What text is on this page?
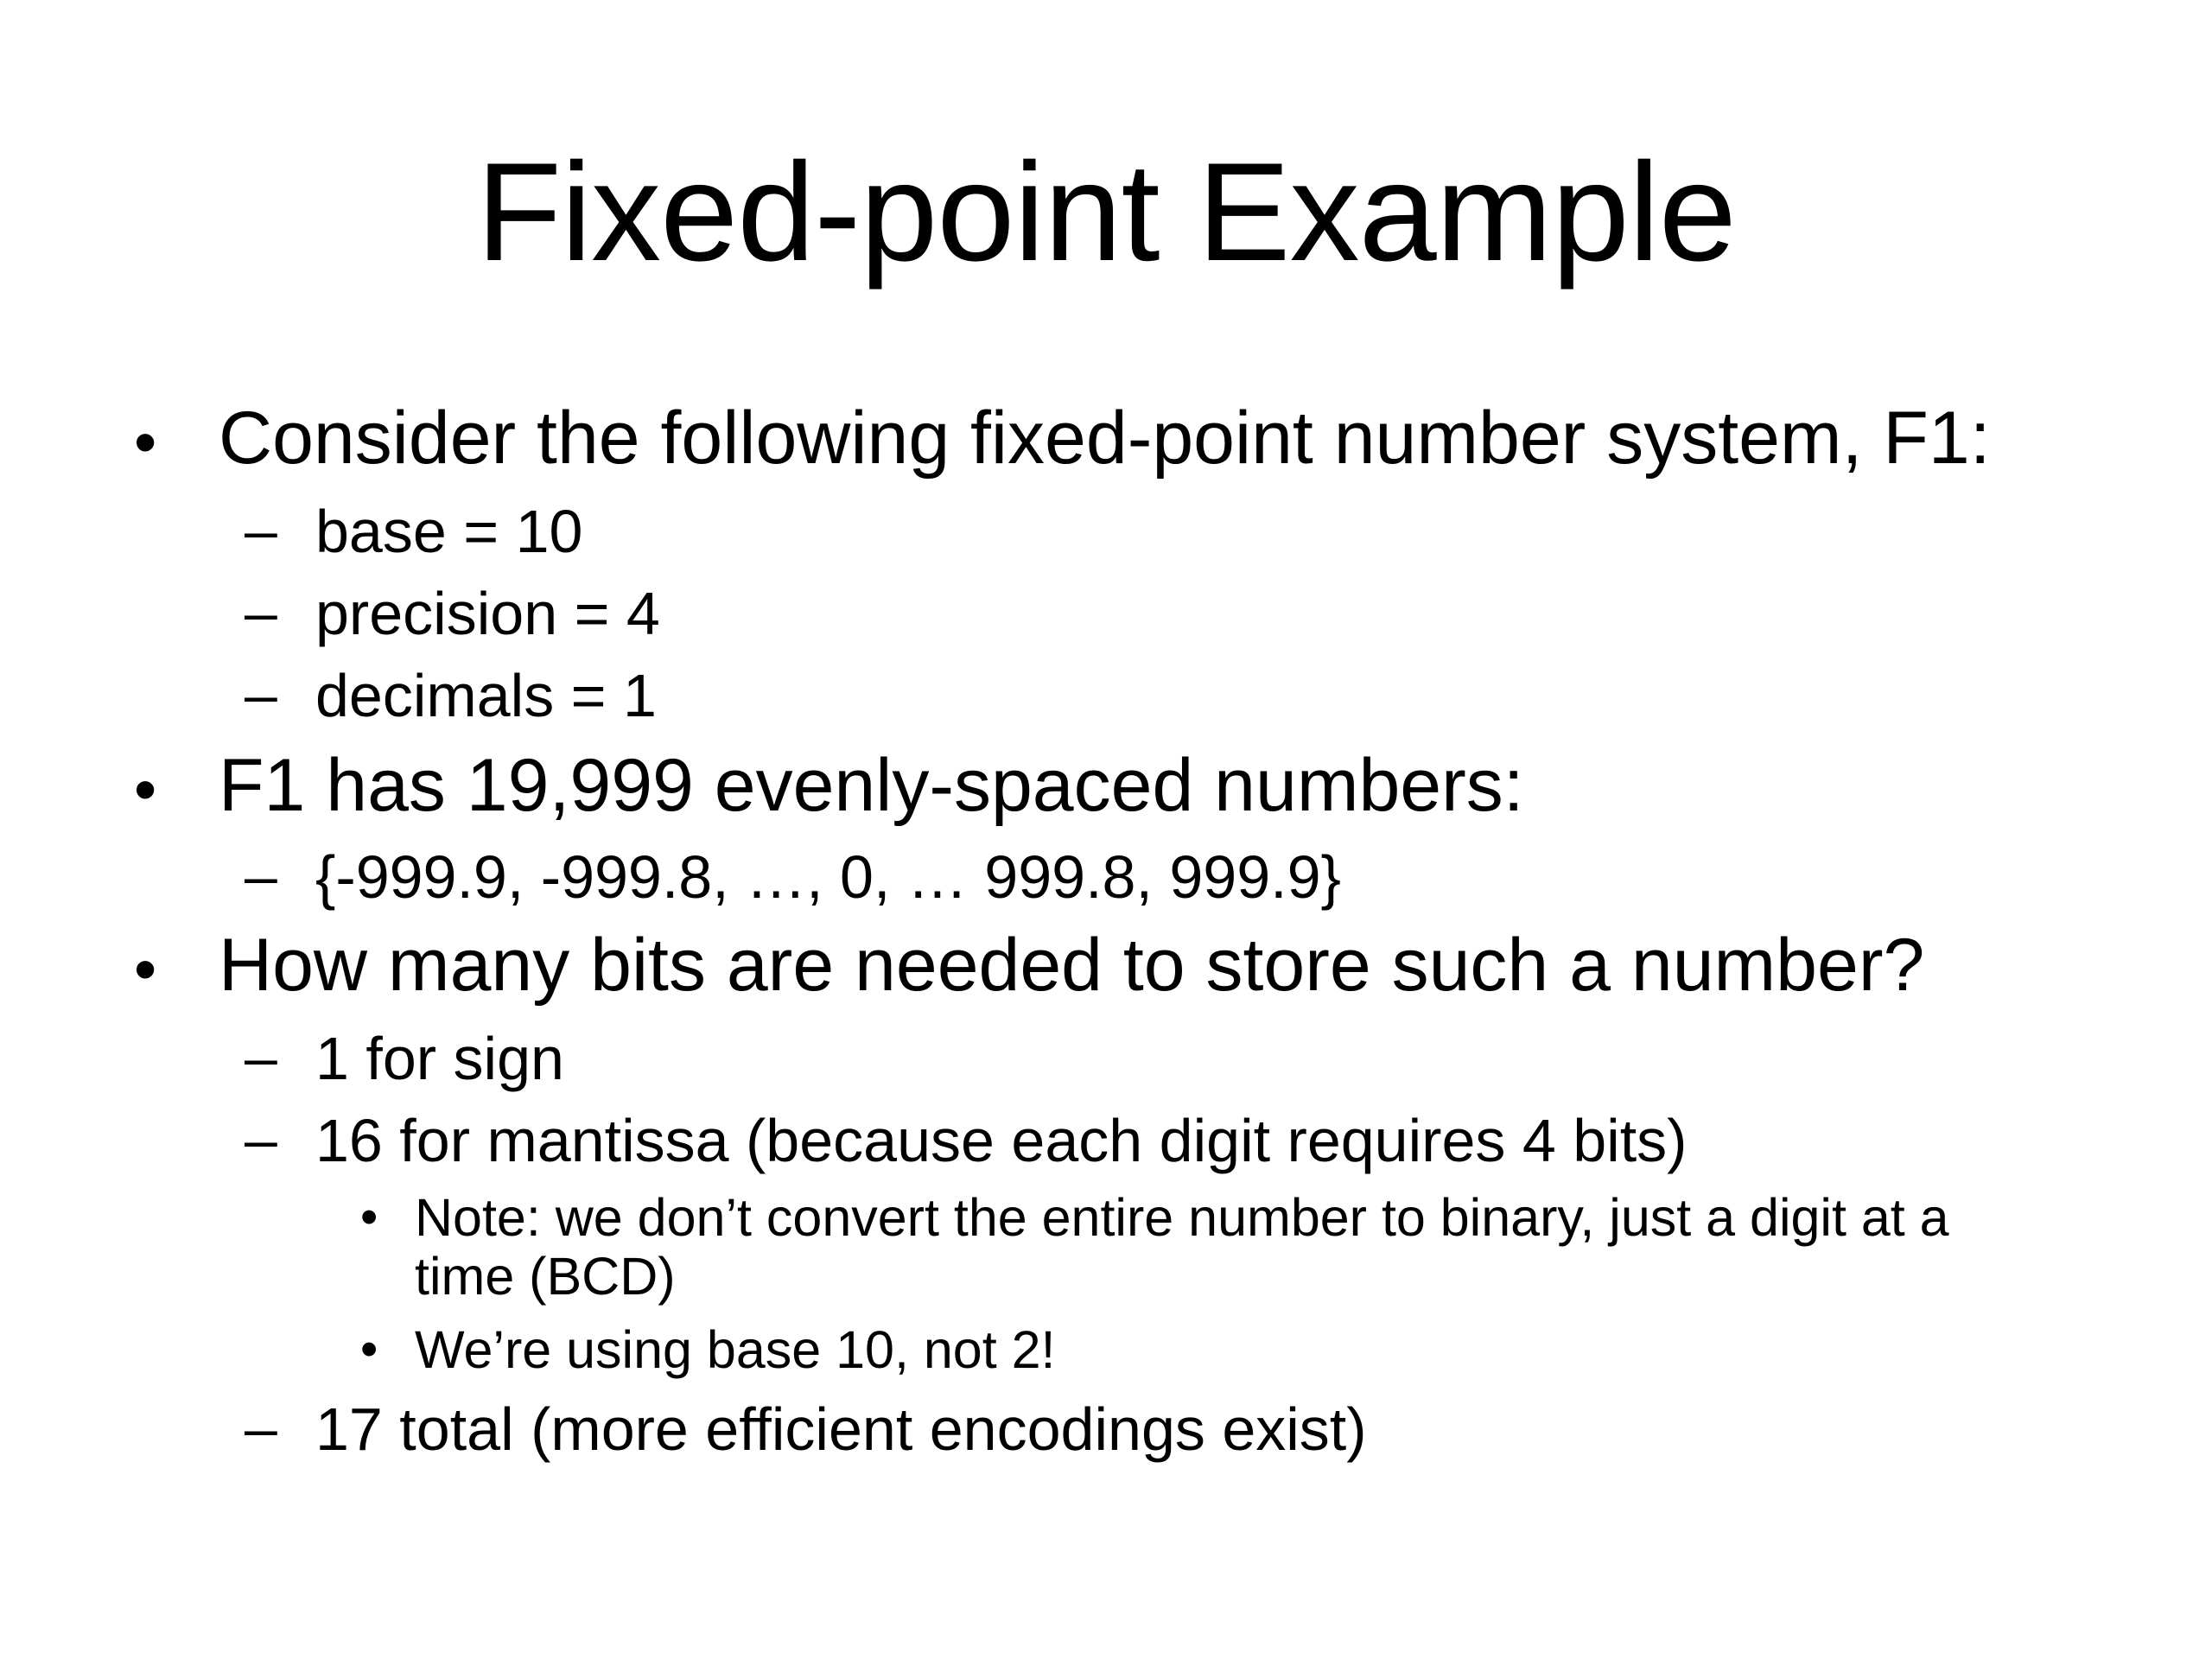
Fixed-point Example
• Consider the following fixed-point number system, F1:
– base = 10
– precision = 4
– decimals = 1
• F1 has 19,999 evenly-spaced numbers:
– {-999.9, -999.8, …, 0, … 999.8, 999.9}
• How many bits are needed to store such a number?
– 1 for sign
– 16 for mantissa (because each digit requires 4 bits)
• Note: we don’t convert the entire number to binary, just a digit at a
time (BCD)
• We’re using base 10, not 2!
– 17 total (more efficient encodings exist)
